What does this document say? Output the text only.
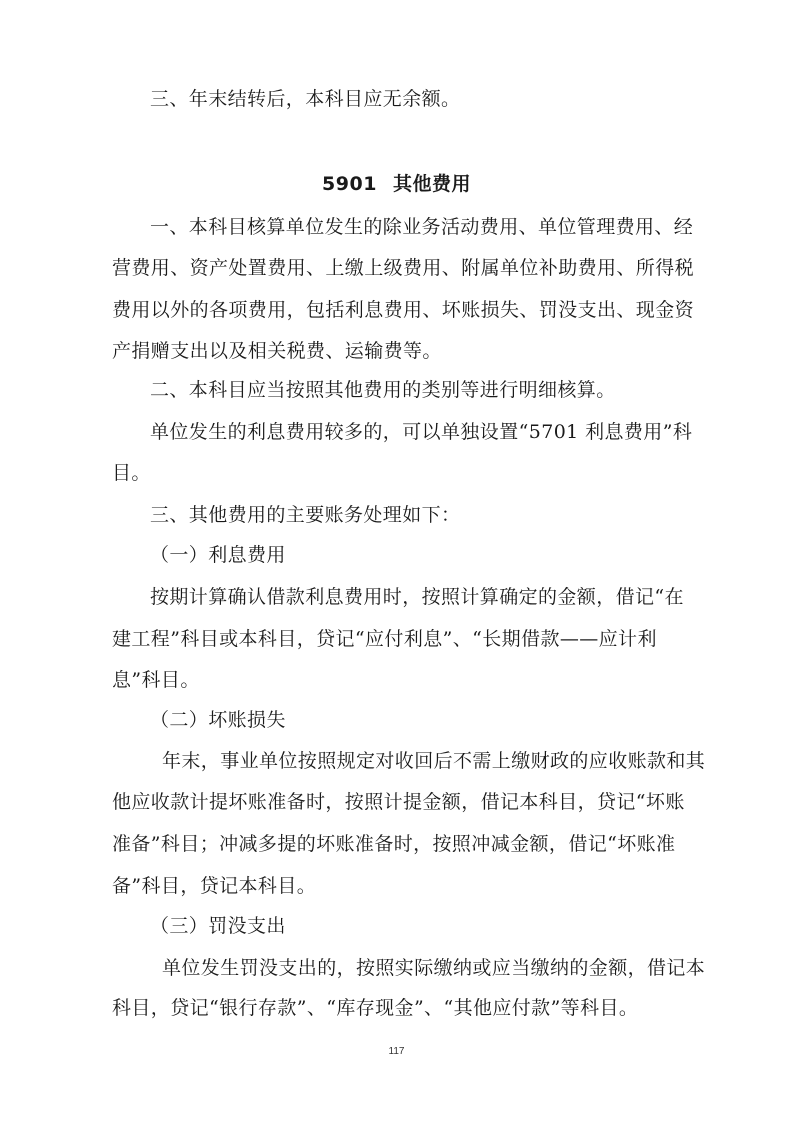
三、年末结转后，本科目应无余额。
5901 其他费用
一、本科目核算单位发生的除业务活动费用、单位管理费用、经
营费用、资产处置费用、上缴上级费用、附属单位补助费用、所得税
费用以外的各项费用，包括利息费用、坏账损失、罚没支出、现金资
产捐赠支出以及相关税费、运输费等。
二、本科目应当按照其他费用的类别等进行明细核算。
单位发生的利息费用较多的，可以单独设置“5701 利息费用”科
目。
三、其他费用的主要账务处理如下：
（一）利息费用
按期计算确认借款利息费用时，按照计算确定的金额，借记“在
建工程”科目或本科目，贷记“应付利息”、“长期借款——应计利
息”科目。
（二）坏账损失
年末，事业单位按照规定对收回后不需上缴财政的应收账款和其
他应收款计提坏账准备时，按照计提金额，借记本科目，贷记“坏账
准备”科目；冲减多提的坏账准备时，按照冲减金额，借记“坏账准
备”科目，贷记本科目。
（三）罚没支出
单位发生罚没支出的，按照实际缴纳或应当缴纳的金额，借记本
科目，贷记“银行存款”、“库存现金”、“其他应付款”等科目。
117
